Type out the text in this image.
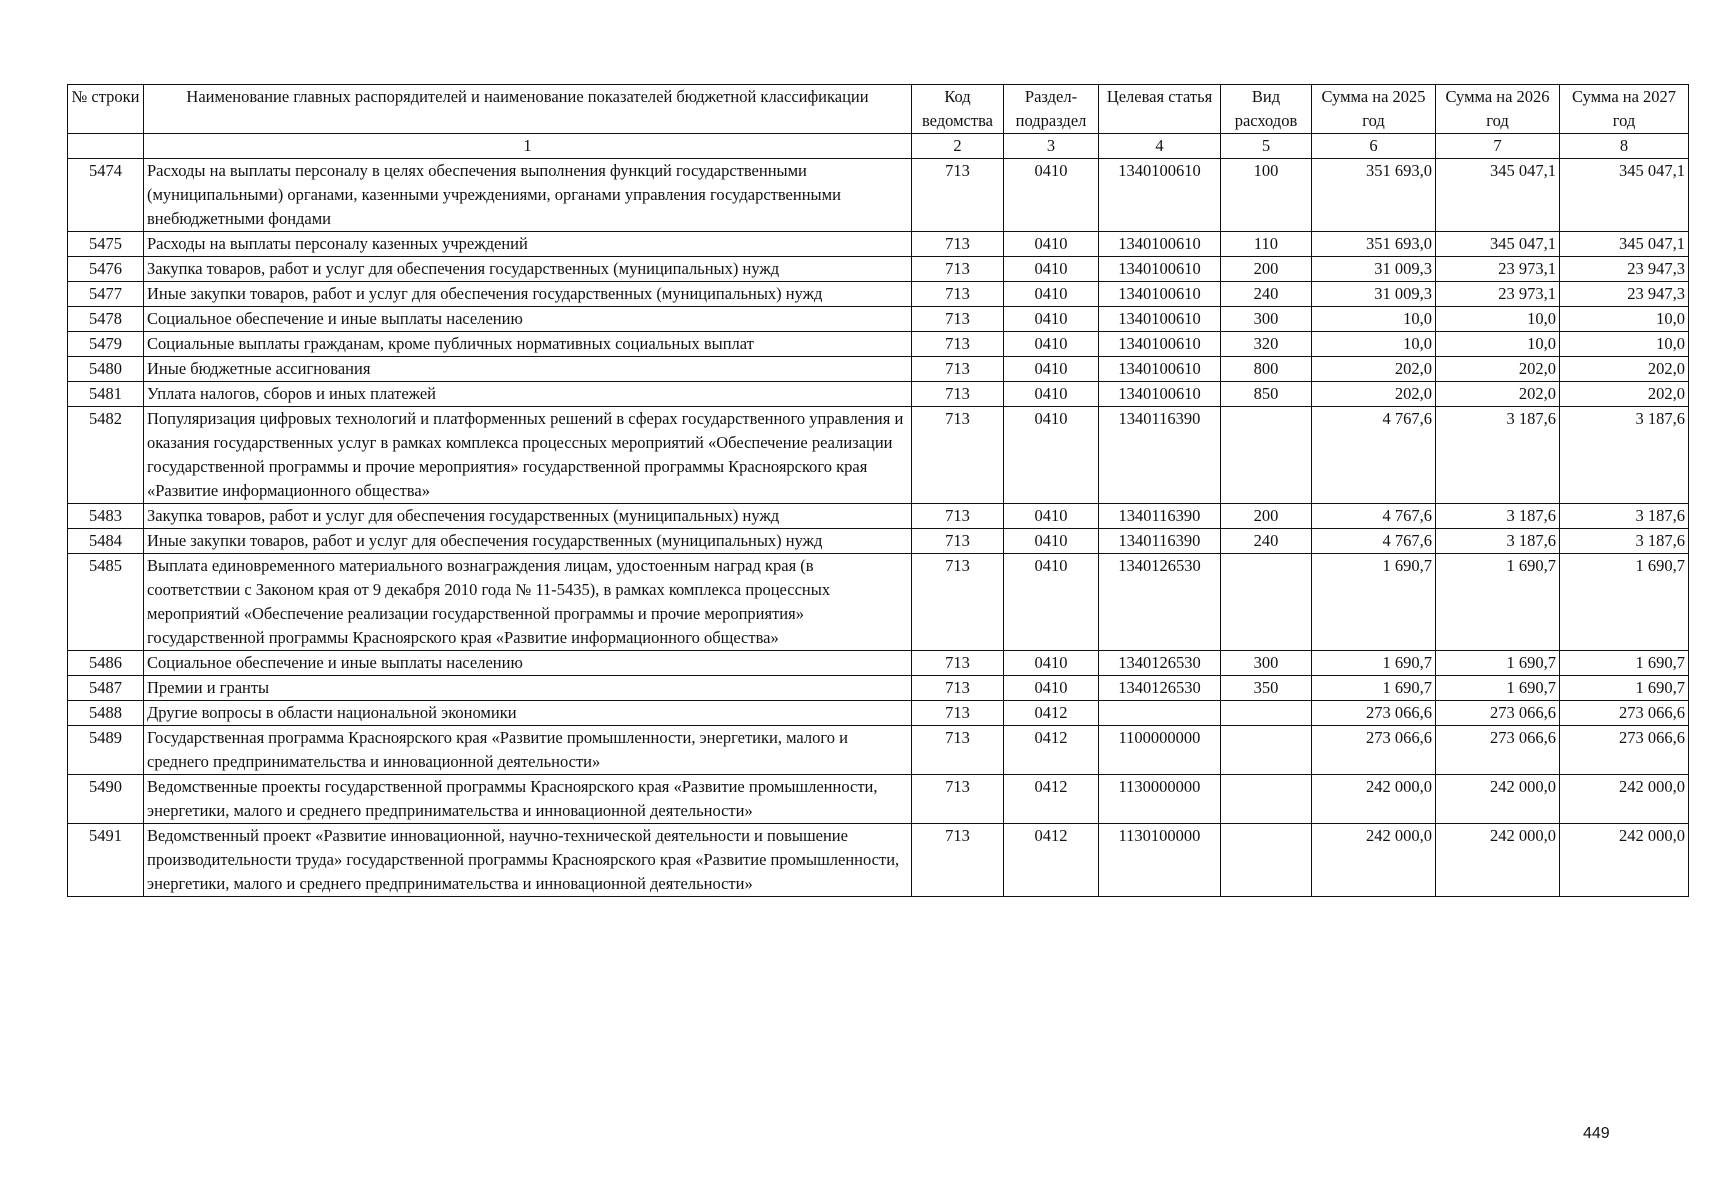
№ строки	Наименование главных распорядителей и наименование показателей бюджетной классификации	Код ведомства	Раздел-подраздел	Целевая статья	Вид расходов	Сумма на 2025 год	Сумма на 2026 год	Сумма на 2027 год
	1	2	3	4	5	6	7	8
5474	Расходы на выплаты персоналу в целях обеспечения выполнения функций государственными (муниципальными) органами, казенными учреждениями, органами управления государственными внебюджетными фондами	713	0410	1340100610	100	351 693,0	345 047,1	345 047,1
5475	Расходы на выплаты персоналу казенных учреждений	713	0410	1340100610	110	351 693,0	345 047,1	345 047,1
5476	Закупка товаров, работ и услуг для обеспечения государственных (муниципальных) нужд	713	0410	1340100610	200	31 009,3	23 973,1	23 947,3
5477	Иные закупки товаров, работ и услуг для обеспечения государственных (муниципальных) нужд	713	0410	1340100610	240	31 009,3	23 973,1	23 947,3
5478	Социальное обеспечение и иные выплаты населению	713	0410	1340100610	300	10,0	10,0	10,0
5479	Социальные выплаты гражданам, кроме публичных нормативных социальных выплат	713	0410	1340100610	320	10,0	10,0	10,0
5480	Иные бюджетные ассигнования	713	0410	1340100610	800	202,0	202,0	202,0
5481	Уплата налогов, сборов и иных платежей	713	0410	1340100610	850	202,0	202,0	202,0
5482	Популяризация цифровых технологий и платформенных решений в сферах государственного управления и оказания государственных услуг в рамках комплекса процессных мероприятий «Обеспечение реализации государственной программы и прочие мероприятия» государственной программы Красноярского края «Развитие информационного общества»	713	0410	1340116390		4 767,6	3 187,6	3 187,6
5483	Закупка товаров, работ и услуг для обеспечения государственных (муниципальных) нужд	713	0410	1340116390	200	4 767,6	3 187,6	3 187,6
5484	Иные закупки товаров, работ и услуг для обеспечения государственных (муниципальных) нужд	713	0410	1340116390	240	4 767,6	3 187,6	3 187,6
5485	Выплата единовременного материального вознаграждения лицам, удостоенным наград края (в соответствии с Законом края от 9 декабря 2010 года № 11-5435), в рамках комплекса процессных мероприятий «Обеспечение реализации государственной программы и прочие мероприятия» государственной программы Красноярского края «Развитие информационного общества»	713	0410	1340126530		1 690,7	1 690,7	1 690,7
5486	Социальное обеспечение и иные выплаты населению	713	0410	1340126530	300	1 690,7	1 690,7	1 690,7
5487	Премии и гранты	713	0410	1340126530	350	1 690,7	1 690,7	1 690,7
5488	Другие вопросы в области национальной экономики	713	0412			273 066,6	273 066,6	273 066,6
5489	Государственная программа Красноярского края «Развитие промышленности, энергетики, малого и среднего предпринимательства и инновационной деятельности»	713	0412	1100000000		273 066,6	273 066,6	273 066,6
5490	Ведомственные проекты государственной программы Красноярского края «Развитие промышленности, энергетики, малого и среднего предпринимательства и инновационной деятельности»	713	0412	1130000000		242 000,0	242 000,0	242 000,0
5491	Ведомственный проект «Развитие инновационной, научно-технической деятельности и повышение производительности труда» государственной программы Красноярского края «Развитие промышленности, энергетики, малого и среднего предпринимательства и инновационной деятельности»	713	0412	1130100000		242 000,0	242 000,0	242 000,0
449
